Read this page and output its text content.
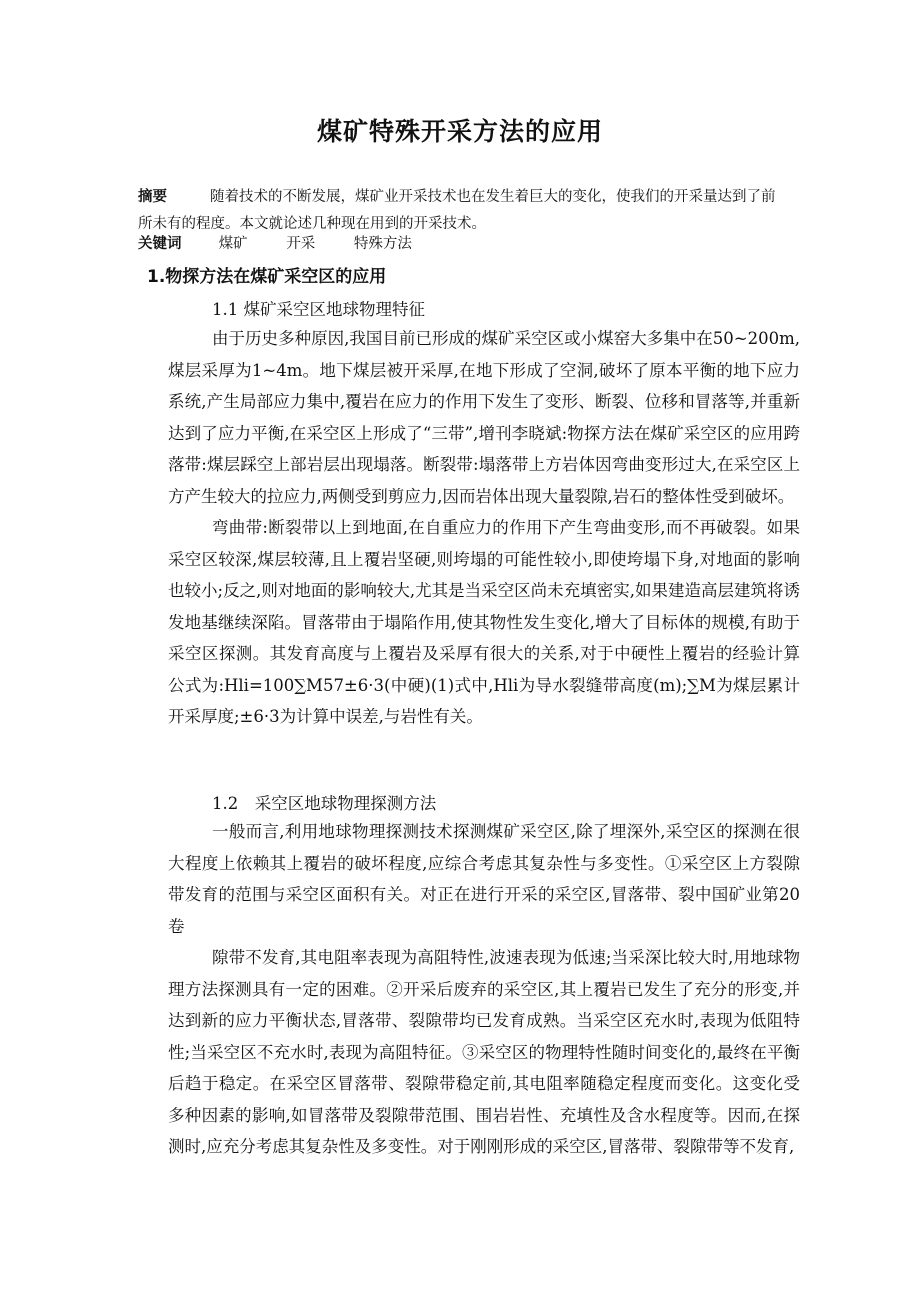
煤矿特殊开采方法的应用
摘要	随着技术的不断发展，煤矿业开采技术也在发生着巨大的变化，使我们的开采量达到了前所未有的程度。本文就论述几种现在用到的开采技术。
关键词	煤矿	开采	特殊方法
1.物探方法在煤矿采空区的应用
1.1 煤矿采空区地球物理特征

由于历史多种原因,我国目前已形成的煤矿采空区或小煤窑大多集中在50~200m,煤层采厚为1~4m。地下煤层被开采厚,在地下形成了空洞,破坏了原本平衡的地下应力系统,产生局部应力集中,覆岩在应力的作用下发生了变形、断裂、位移和冒落等,并重新达到了应力平衡,在采空区上形成了“三带”,增刊李晓斌:物探方法在煤矿采空区的应用跨落带:煤层踩空上部岩层出现塌落。断裂带:塌落带上方岩体因弯曲变形过大,在采空区上方产生较大的拉应力,两侧受到剪应力,因而岩体出现大量裂隙,岩石的整体性受到破坏。

弯曲带:断裂带以上到地面,在自重应力的作用下产生弯曲变形,而不再破裂。如果采空区较深,煤层较薄,且上覆岩坚硬,则垮塌的可能性较小,即使垮塌下身,对地面的影响也较小;反之,则对地面的影响较大,尤其是当采空区尚未充填密实,如果建造高层建筑将诱发地基继续深陷。冒落带由于塌陷作用,使其物性发生变化,增大了目标体的规模,有助于采空区探测。其发育高度与上覆岩及采厚有很大的关系,对于中硬性上覆岩的经验计算公式为:Hli=100∑M57±6·3(中硬)(1)式中,Hli为导水裂缝带高度(m);∑M为煤层累计开采厚度;±6·3为计算中误差,与岩性有关。

1.2　采空区地球物理探测方法

一般而言,利用地球物理探测技术探测煤矿采空区,除了埋深外,采空区的探测在很大程度上依赖其上覆岩的破坏程度,应综合考虑其复杂性与多变性。①采空区上方裂隙带发育的范围与采空区面积有关。对正在进行开采的采空区,冒落带、裂中国矿业第20卷

隙带不发育,其电阻率表现为高阻特性,波速表现为低速;当采深比较大时,用地球物理方法探测具有一定的困难。②开采后废弃的采空区,其上覆岩已发生了充分的形变,并达到新的应力平衡状态,冒落带、裂隙带均已发育成熟。当采空区充水时,表现为低阻特性;当采空区不充水时,表现为高阻特征。③采空区的物理特性随时间变化的,最终在平衡后趋于稳定。在采空区冒落带、裂隙带稳定前,其电阻率随稳定程度而变化。这变化受多种因素的影响,如冒落带及裂隙带范围、围岩岩性、充填性及含水程度等。因而,在探测时,应充分考虑其复杂性及多变性。对于刚刚形成的采空区,冒落带、裂隙带等不发育,
